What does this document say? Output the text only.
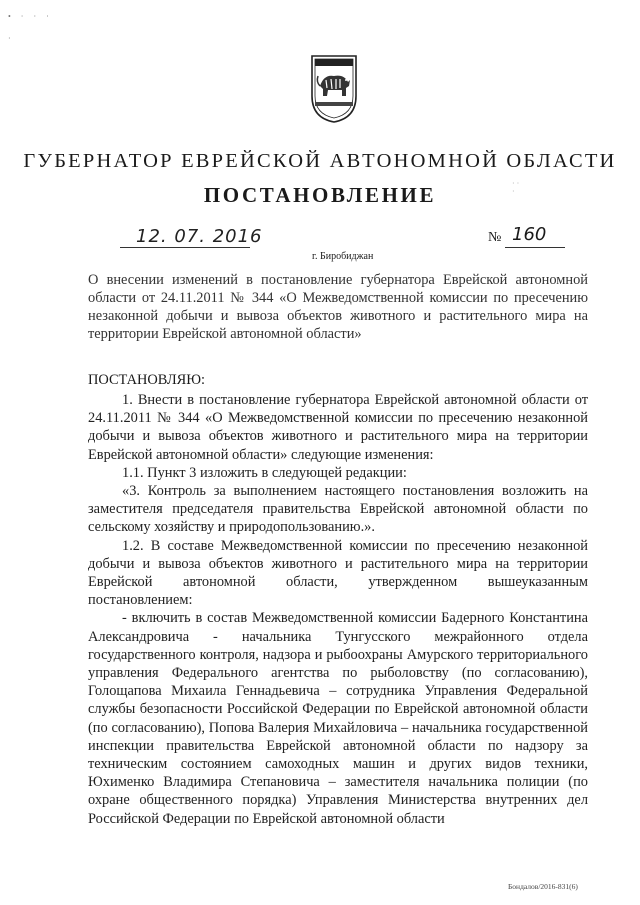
• · · ·
·
ГУБЕРНАТОР ЕВРЕЙСКОЙ АВТОНОМНОЙ ОБЛАСТИ
ПОСТАНОВЛЕНИЕ	· ·
·
12. 07. 2016	№ 160
г. Биробиджан
О внесении изменений в постановление губернатора Еврейской автономной области от 24.11.2011 № 344 «О Межведомственной комиссии по пресечению незаконной добычи и вывоза объектов животного и растительного мира на территории Еврейской автономной области»
ПОСТАНОВЛЯЮ:

1. Внести в постановление губернатора Еврейской автономной области от 24.11.2011 № 344 «О Межведомственной комиссии по пресечению незаконной добычи и вывоза объектов животного и растительного мира на территории Еврейской автономной области» следующие изменения:

1.1. Пункт 3 изложить в следующей редакции:

«3. Контроль за выполнением настоящего постановления возложить на заместителя председателя правительства Еврейской автономной области по сельскому хозяйству и природопользованию.».

1.2. В составе Межведомственной комиссии по пресечению незаконной добычи и вывоза объектов животного и растительного мира на территории Еврейской автономной области, утвержденном вышеуказанным постановлением:

- включить в состав Межведомственной комиссии Бадерного Константина Александровича - начальника Тунгусского межрайонного отдела государственного контроля, надзора и рыбоохраны Амурского территориального управления Федерального агентства по рыболовству (по согласованию), Голощапова Михаила Геннадьевича – сотрудника Управления Федеральной службы безопасности Российской Федерации по Еврейской автономной области (по согласованию), Попова Валерия Михайловича – начальника государственной инспекции правительства Еврейской автономной области по надзору за техническим состоянием самоходных машин и других видов техники, Юхименко Владимира Степановича – заместителя начальника полиции (по охране общественного порядка) Управления Министерства внутренних дел Российской Федерации по Еврейской автономной области

Бондалов/2016-831(6)
